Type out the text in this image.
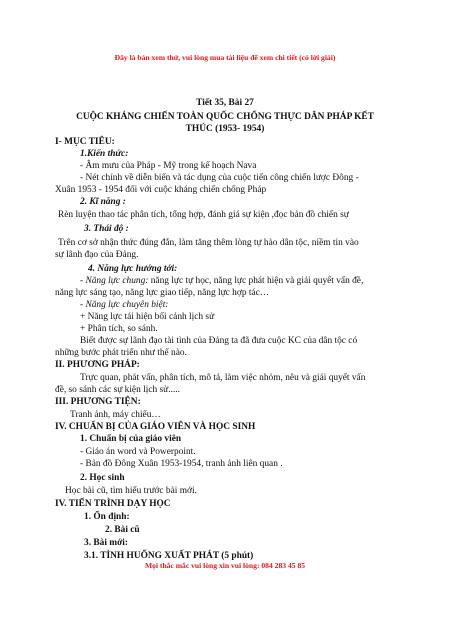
Đây là bản xem thử, vui lòng mua tài liệu để xem chi tiết (có lời giải)
Tiết 35, Bài 27
CUỘC KHÁNG CHIẾN TOÀN QUỐC CHỐNG THỰC DÂN PHÁP KẾT
THÚC (1953- 1954)
I- MỤC TIÊU:
1.Kiến thức:
- Âm mưu của Pháp - Mỹ trong kế hoạch Nava
- Nét chính về diễn biến và tác dụng của cuộc tiến công chiến lược Đông -
Xuân 1953 - 1954 đối với cuộc kháng chiến chống Pháp
2. Kĩ năng :
Rèn luyện thao tác phân tích, tổng hợp, đánh giá sự kiện ,đọc bản đồ chiến sự
3. Thái độ :
Trên cơ sở nhận thức đúng đắn, làm tăng thêm lòng tự hào dân tộc, niềm tin vào
sự lãnh đạo của Đảng.
4. Năng lực hướng tới:
- Năng lực chung: năng lực tự học, năng lực phát hiện và giải quyết vấn đề,
năng lực sáng tạo, năng lực giao tiếp, năng lực hợp tác…
- Năng lực chuyên biệt:
+ Năng lực tái hiện bối cảnh lịch sử
+ Phân tích, so sánh.
Biết được sự lãnh đạo tài tình của Đảng ta đã đưa cuộc KC của dân tộc có
những bước phát triển như thế nào.
II. PHƯƠNG PHÁP:
Trực quan, phát vấn, phân tích, mô tả, làm việc nhóm, nêu và giải quyết vấn
đề, so sánh các sự kiện lịch sử.....
III. PHƯƠNG TIỆN:
Tranh ảnh, máy chiếu…
IV. CHUẨN BỊ CỦA GIÁO VIÊN VÀ HỌC SINH
1. Chuẩn bị của giáo viên
- Giáo án word và Powerpoint.
- Bản đồ Đông Xuân 1953-1954, tranh ảnh liên quan .
2. Học sinh
Học bài cũ, tìm hiểu trước bài mới.
IV. TIẾN TRÌNH DẠY HỌC
1. Ổn định:
2. Bài cũ
3. Bài mới:
3.1. TÌNH HUỐNG XUẤT PHÁT (5 phút)
Mọi thắc mắc vui lòng xin vui lòng: 084 283 45 85
